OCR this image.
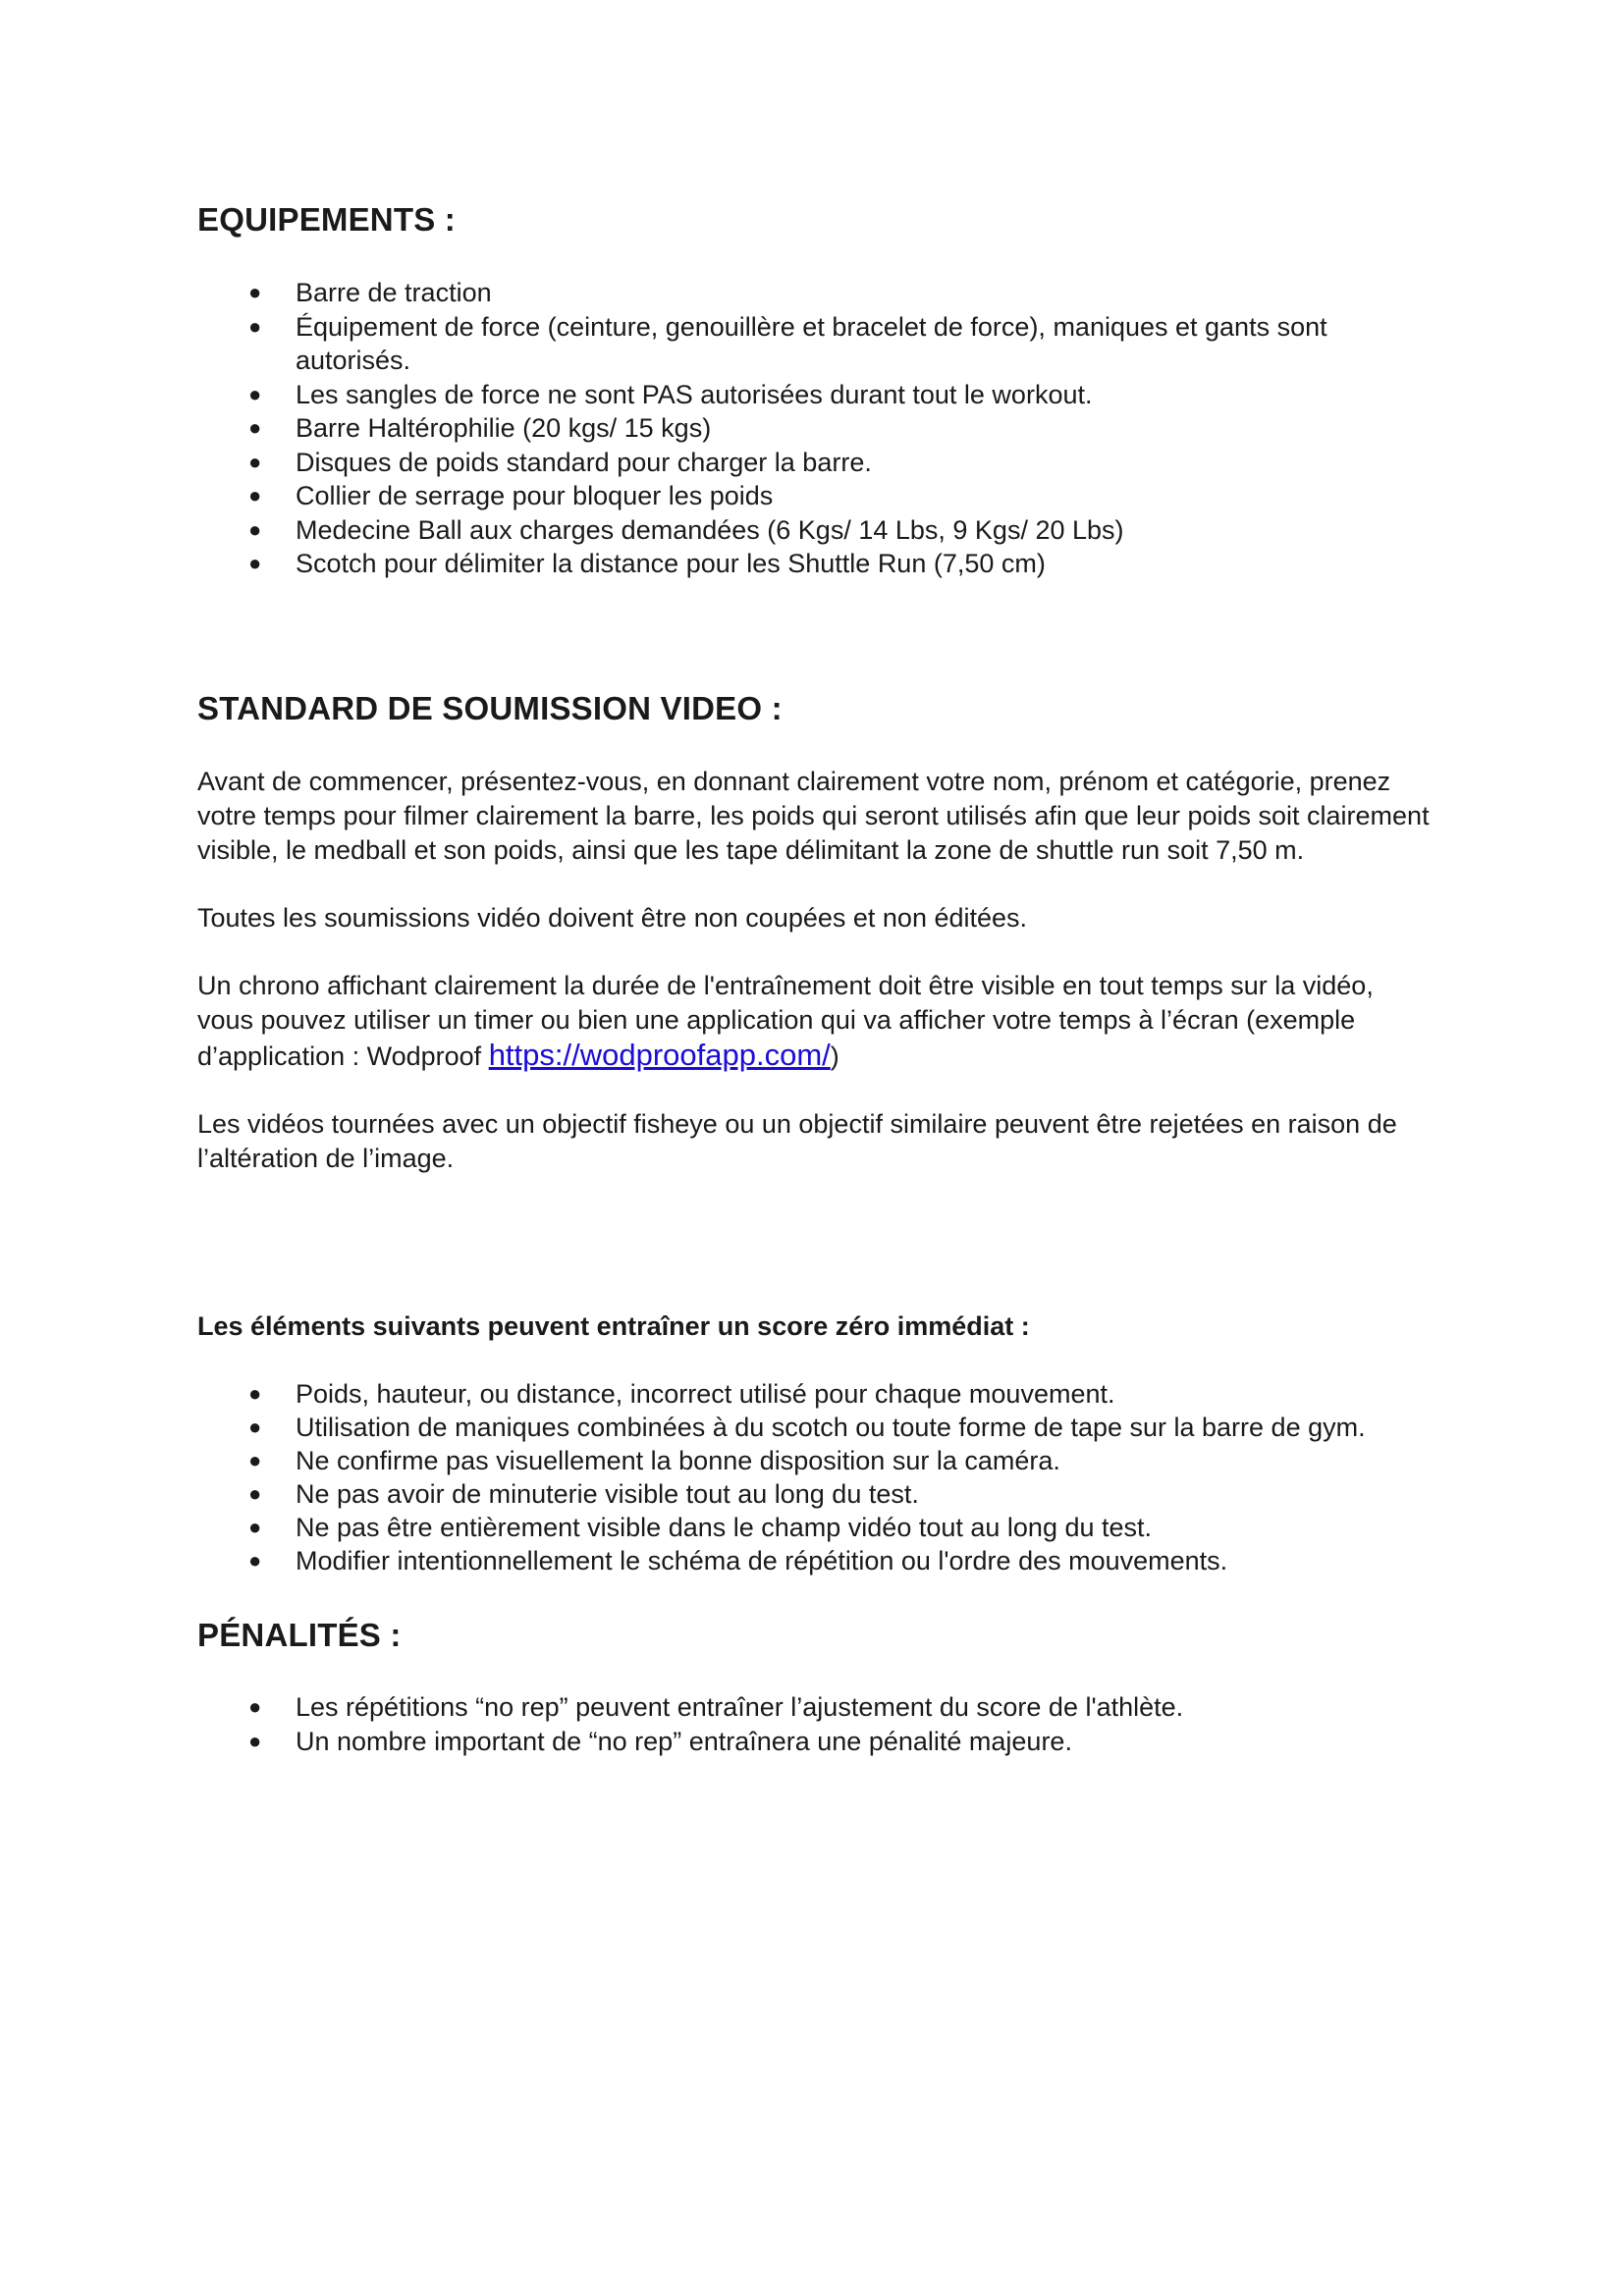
EQUIPEMENTS :
● Barre de traction
● Équipement de force (ceinture, genouillère et bracelet de force), maniques et gants sont autorisés.
● Les sangles de force ne sont PAS autorisées durant tout le workout.
● Barre Haltérophilie (20 kgs/ 15 kgs)
● Disques de poids standard pour charger la barre.
● Collier de serrage pour bloquer les poids
● Medecine Ball aux charges demandées (6 Kgs/ 14 Lbs, 9 Kgs/ 20 Lbs)
● Scotch pour délimiter la distance pour les Shuttle Run (7,50 cm)
STANDARD DE SOUMISSION VIDEO :

Avant de commencer, présentez-vous, en donnant clairement votre nom, prénom et catégorie, prenez votre temps pour filmer clairement la barre, les poids qui seront utilisés afin que leur poids soit clairement visible, le medball et son poids, ainsi que les tape délimitant la zone de shuttle run soit 7,50 m.

Toutes les soumissions vidéo doivent être non coupées et non éditées.

Un chrono affichant clairement la durée de l'entraînement doit être visible en tout temps sur la vidéo, vous pouvez utiliser un timer ou bien une application qui va afficher votre temps à l’écran (exemple d’application : Wodproof https://wodproofapp.com/)

Les vidéos tournées avec un objectif fisheye ou un objectif similaire peuvent être rejetées en raison de l’altération de l’image.

Les éléments suivants peuvent entraîner un score zéro immédiat :
● Poids, hauteur, ou distance, incorrect utilisé pour chaque mouvement.
● Utilisation de maniques combinées à du scotch ou toute forme de tape sur la barre de gym.
● Ne confirme pas visuellement la bonne disposition sur la caméra.
● Ne pas avoir de minuterie visible tout au long du test.
● Ne pas être entièrement visible dans le champ vidéo tout au long du test.
● Modifier intentionnellement le schéma de répétition ou l'ordre des mouvements.
PÉNALITÉS :
● Les répétitions “no rep” peuvent entraîner l’ajustement du score de l'athlète.
● Un nombre important de “no rep” entraînera une pénalité majeure.
